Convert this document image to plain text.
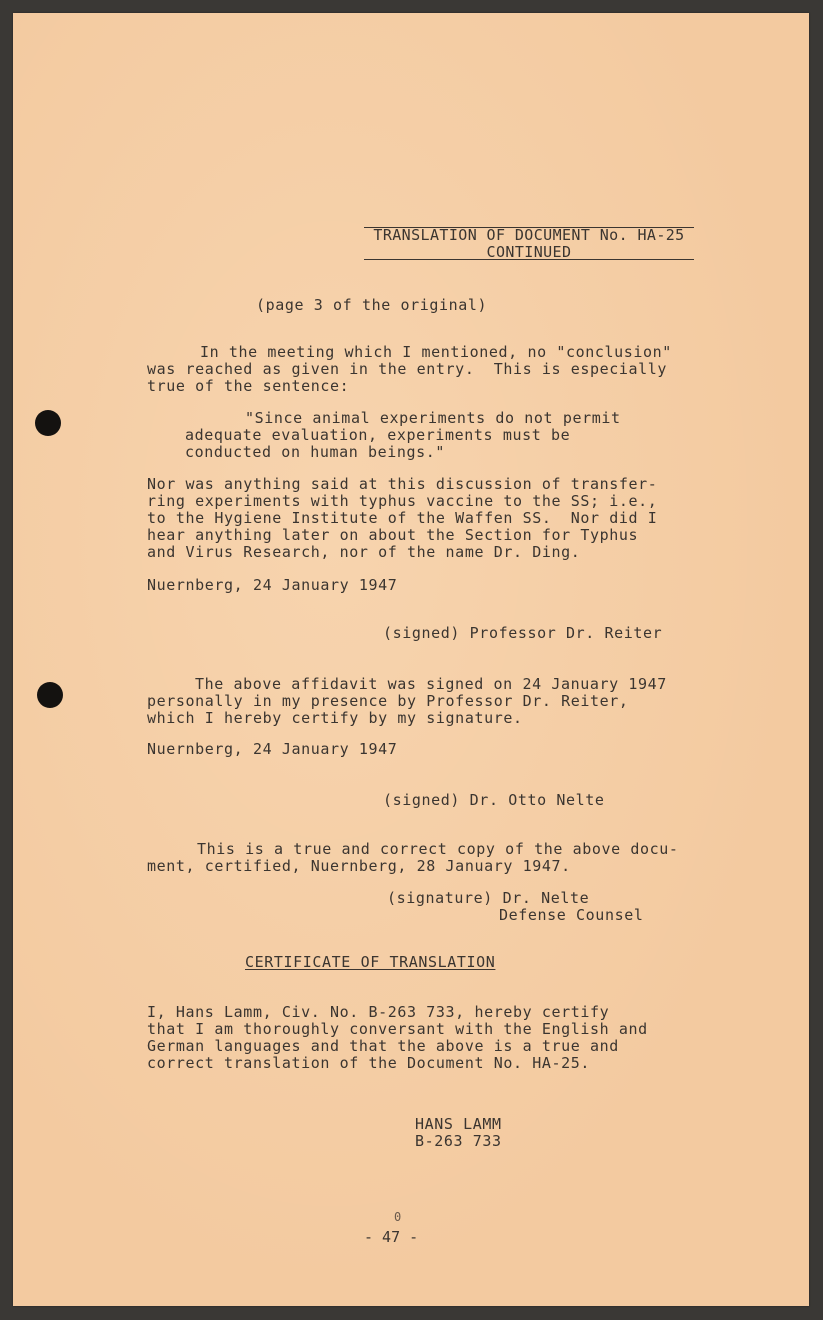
TRANSLATION OF DOCUMENT No. HA-25
CONTINUED
(page 3 of the original)
In the meeting which I mentioned, no "conclusion"
was reached as given in the entry.  This is especially
true of the sentence:
"Since animal experiments do not permit
adequate evaluation, experiments must be
conducted on human beings."
Nor was anything said at this discussion of transfer-
ring experiments with typhus vaccine to the SS; i.e.,
to the Hygiene Institute of the Waffen SS.  Nor did I
hear anything later on about the Section for Typhus
and Virus Research, nor of the name Dr. Ding.
Nuernberg, 24 January 1947
(signed) Professor Dr. Reiter
The above affidavit was signed on 24 January 1947
personally in my presence by Professor Dr. Reiter,
which I hereby certify by my signature.
Nuernberg, 24 January 1947
(signed) Dr. Otto Nelte
This is a true and correct copy of the above docu-
ment, certified, Nuernberg, 28 January 1947.
(signature) Dr. Nelte
Defense Counsel
CERTIFICATE OF TRANSLATION
I, Hans Lamm, Civ. No. B-263 733, hereby certify
that I am thoroughly conversant with the English and
German languages and that the above is a true and
correct translation of the Document No. HA-25.
HANS LAMM
B-263 733
0
- 47 -
